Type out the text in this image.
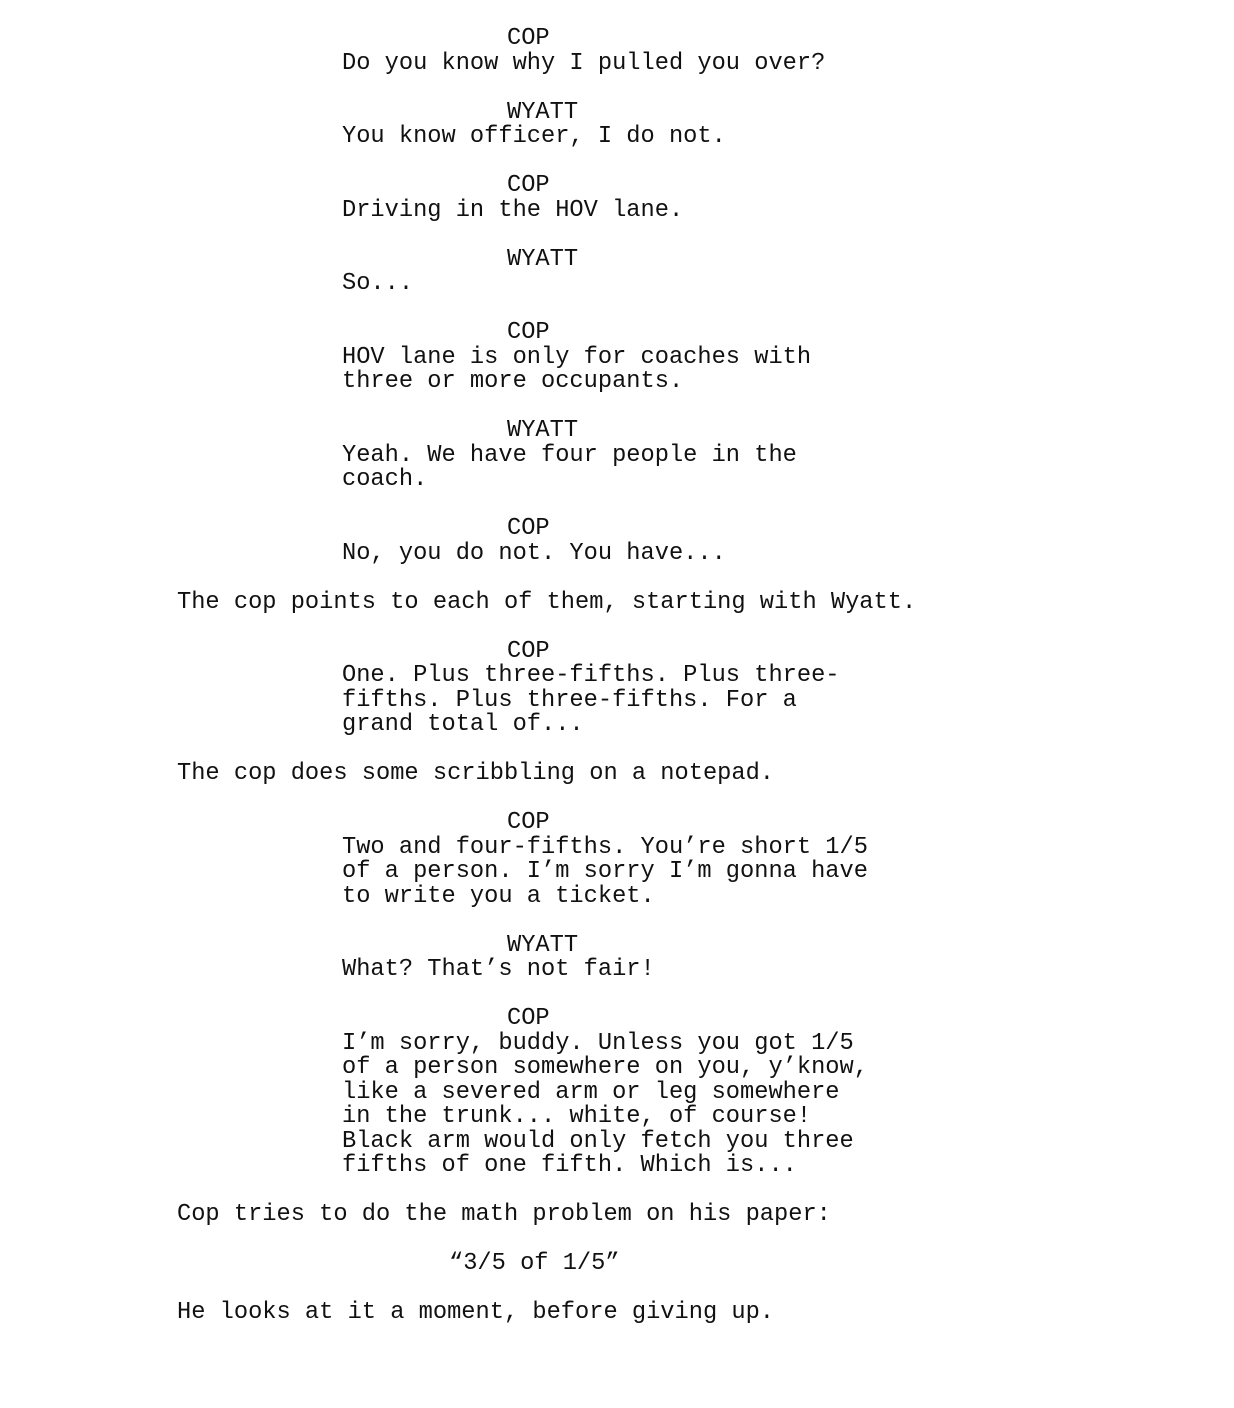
COP
Do you know why I pulled you over?
WYATT
You know officer, I do not.
COP
Driving in the HOV lane.
WYATT
So...
COP
HOV lane is only for coaches with
three or more occupants.
WYATT
Yeah. We have four people in the
coach.
COP
No, you do not. You have...
The cop points to each of them, starting with Wyatt.
COP
One. Plus three-fifths. Plus three-
fifths. Plus three-fifths. For a
grand total of...
The cop does some scribbling on a notepad.
COP
Two and four-fifths. You’re short 1/5
of a person. I’m sorry I’m gonna have
to write you a ticket.
WYATT
What? That’s not fair!
COP
I’m sorry, buddy. Unless you got 1/5
of a person somewhere on you, y’know,
like a severed arm or leg somewhere
in the trunk... white, of course!
Black arm would only fetch you three
fifths of one fifth. Which is...
Cop tries to do the math problem on his paper:
“3/5 of 1/5”
He looks at it a moment, before giving up.
